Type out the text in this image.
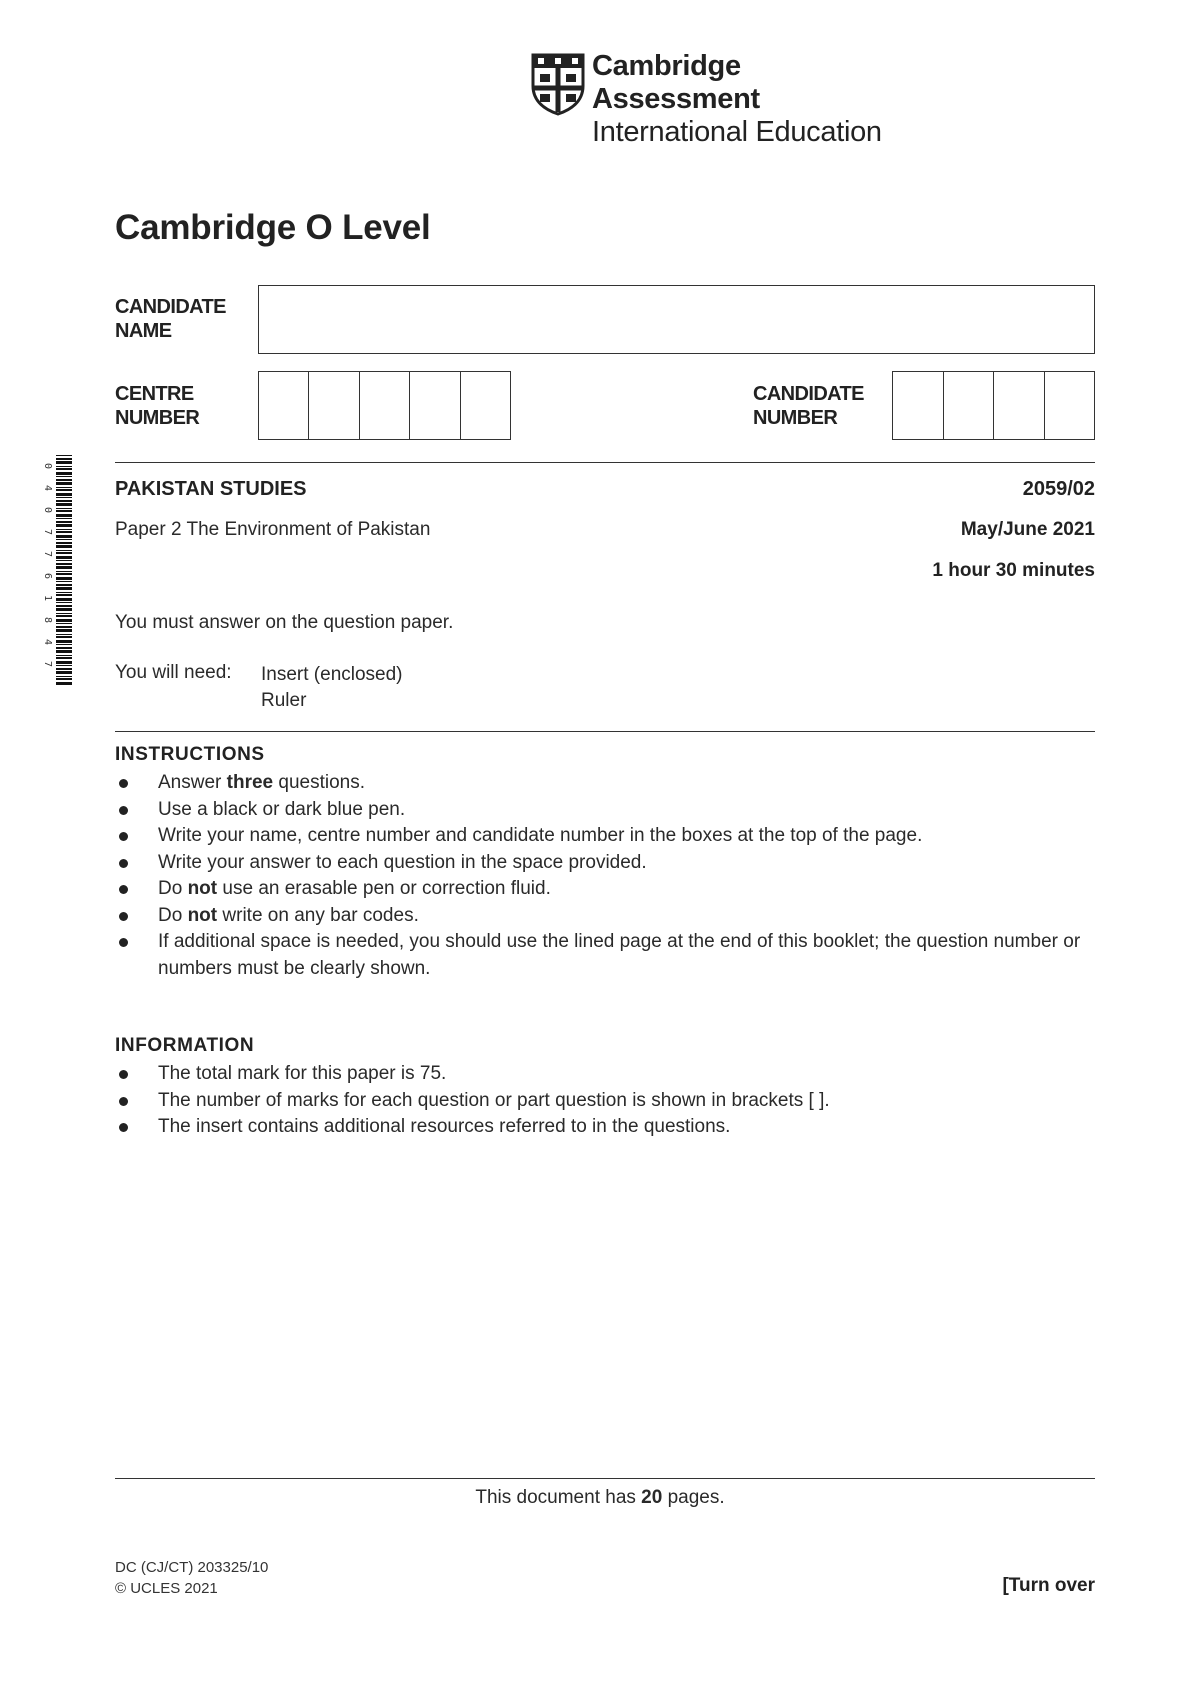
Cambridge Assessment
International Education
Cambridge O Level
CANDIDATE
NAME
CENTRE
NUMBER
CANDIDATE
NUMBER
0
4
0
7
7
6
1
8
4
7
PAKISTAN STUDIES	2059/02
Paper 2 The Environment of Pakistan	May/June 2021
1 hour 30 minutes
You must answer on the question paper.
You will need: Insert (enclosed)
Ruler
INSTRUCTIONS
Answer three questions.
Use a black or dark blue pen.
Write your name, centre number and candidate number in the boxes at the top of the page.
Write your answer to each question in the space provided.
Do not use an erasable pen or correction fluid.
Do not write on any bar codes.
If additional space is needed, you should use the lined page at the end of this booklet; the question number or numbers must be clearly shown.
INFORMATION
The total mark for this paper is 75.
The number of marks for each question or part question is shown in brackets [ ].
The insert contains additional resources referred to in the questions.
This document has 20 pages.
DC (CJ/CT) 203325/10
© UCLES 2021	[Turn over
